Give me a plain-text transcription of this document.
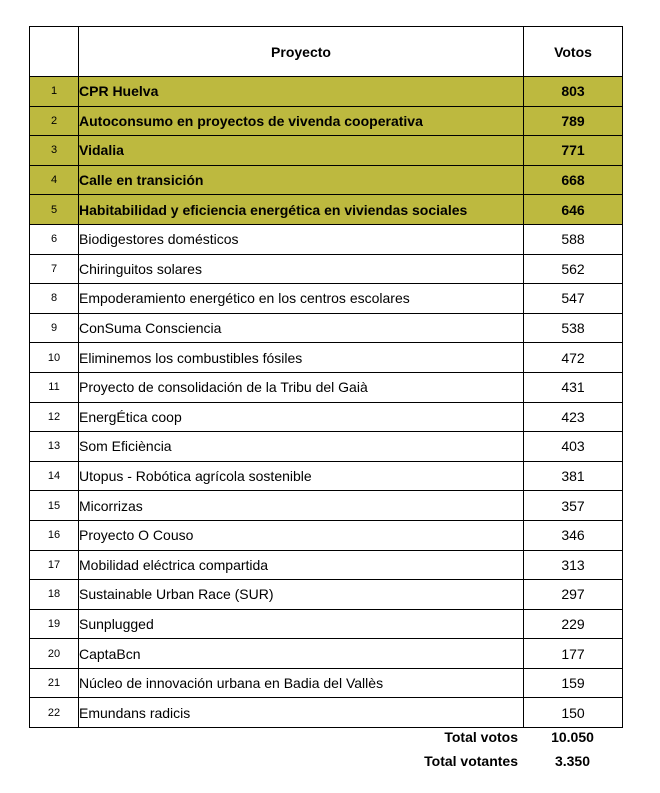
	Proyecto	Votos
1	CPR Huelva	803
2	Autoconsumo en proyectos de vivenda cooperativa	789
3	Vidalia	771
4	Calle en transición	668
5	Habitabilidad y eficiencia energética en viviendas sociales	646
6	Biodigestores domésticos	588
7	Chiringuitos solares	562
8	Empoderamiento energético en los centros escolares	547
9	ConSuma Consciencia	538
10	Eliminemos los combustibles fósiles	472
11	Proyecto de consolidación de la Tribu del Gaià	431
12	EnergÉtica coop	423
13	Som Eficiència	403
14	Utopus - Robótica agrícola sostenible	381
15	Micorrizas	357
16	Proyecto O Couso	346
17	Mobilidad eléctrica compartida	313
18	Sustainable Urban Race (SUR)	297
19	Sunplugged	229
20	CaptaBcn	177
21	Núcleo de innovación urbana en Badia del Vallès	159
22	Emundans radicis	150
Total votos	10.050
Total votantes	3.350
